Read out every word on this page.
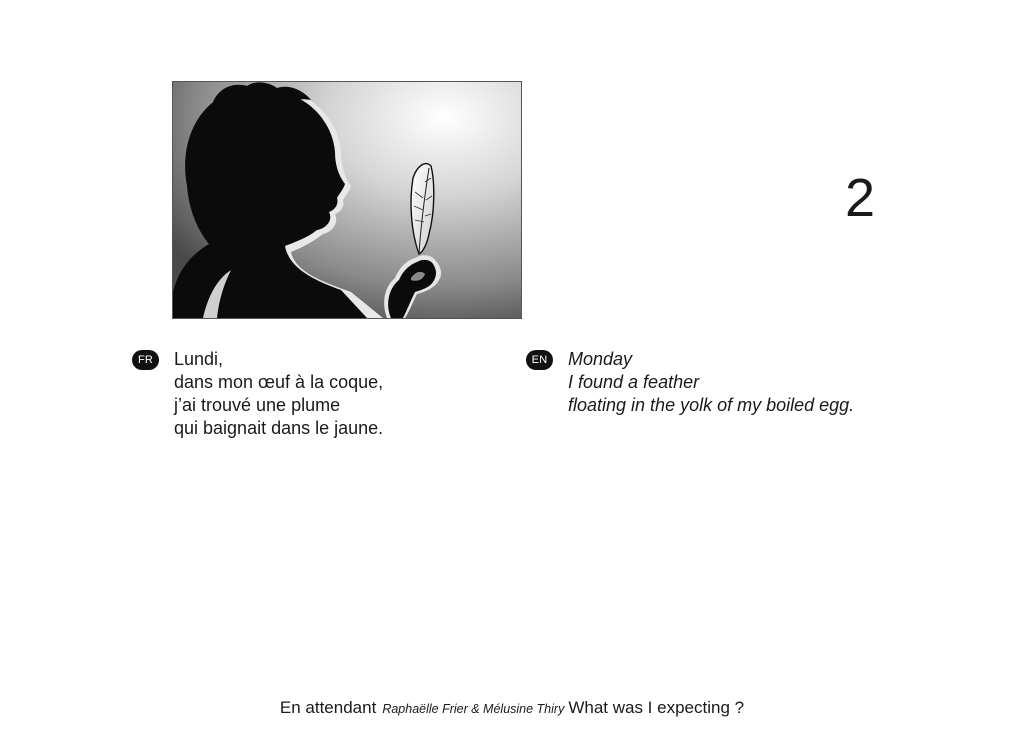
2
FR	Lundi,
dans mon œuf à la coque,
j’ai trouvé une plume
qui baignait dans le jaune.
EN	Monday
I found a feather
floating in the yolk of my boiled egg.
En attendant Raphaëlle Frier & Mélusine Thiry What was I expecting ?
